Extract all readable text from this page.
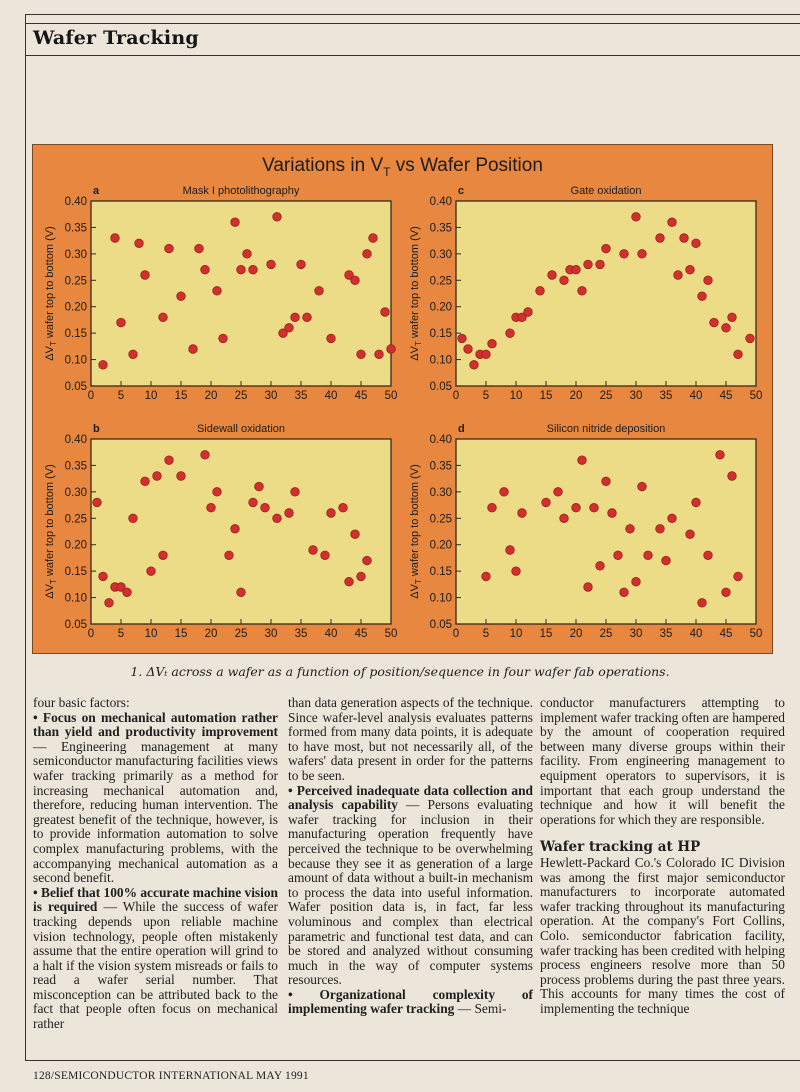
Wafer Tracking
Variations in $V_T$ vs Wafer Position
a	Mask I photolithography
0.05
0.10
0.15
0.20
0.25
0.30
0.35
0.40
0 5 10 15 20 25 30 35 40 45 50
$\Delta V_T$ wafer top to bottom (V)
c	Gate oxidation
0.05
0.10
0.15
0.20
0.25
0.30
0.35
0.40
0 5 10 15 20 25 30 35 40 45 50
$\Delta V_T$ wafer top to bottom (V)
b	Sidewall oxidation
0.05
0.10
0.15
0.20
0.25
0.30
0.35
0.40
0 5 10 15 20 25 30 35 40 45 50
$\Delta V_T$ wafer top to bottom (V)
d	Silicon nitride deposition
0.05
0.10
0.15
0.20
0.25
0.30
0.35
0.40
0 5 10 15 20 25 30 35 40 45 50
$\Delta V_T$ wafer top to bottom (V)
1. ΔVₜ across a wafer as a function of position/sequence in four wafer fab operations.

four basic factors:

• Focus on mechanical automation rather than yield and productivity improvement — Engineering management at many semiconductor manufacturing facilities views wafer tracking primarily as a method for increasing mechanical automation and, therefore, reducing human intervention. The greatest benefit of the technique, however, is to provide information automation to solve complex manufacturing problems, with the accompanying mechanical automation as a second benefit.

• Belief that 100% accurate machine vision is required — While the success of wafer tracking depends upon reliable machine vision technology, people often mistakenly assume that the entire operation will grind to a halt if the vision system misreads or fails to read a wafer serial number. That misconception can be attributed back to the fact that people often focus on mechanical rather

than data generation aspects of the technique. Since wafer-level analysis evaluates patterns formed from many data points, it is adequate to have most, but not necessarily all, of the wafers' data present in order for the patterns to be seen.

• Perceived inadequate data collection and analysis capability — Persons evaluating wafer tracking for inclusion in their manufacturing operation frequently have perceived the technique to be overwhelming because they see it as generation of a large amount of data without a built-in mechanism to process the data into useful information. Wafer position data is, in fact, far less voluminous and complex than electrical parametric and functional test data, and can be stored and analyzed without consuming much in the way of computer systems resources.

• Organizational complexity of implementing wafer tracking — Semi-

conductor manufacturers attempting to implement wafer tracking often are hampered by the amount of cooperation required between many diverse groups within their facility. From engineering management to equipment operators to supervisors, it is important that each group understand the technique and how it will benefit the operations for which they are responsible.

Wafer tracking at HP

Hewlett-Packard Co.'s Colorado IC Division was among the first major semiconductor manufacturers to incorporate automated wafer tracking throughout its manufacturing operation. At the company's Fort Collins, Colo. semiconductor fabrication facility, wafer tracking has been credited with helping process engineers resolve more than 50 process problems during the past three years. This accounts for many times the cost of implementing the technique

128/SEMICONDUCTOR INTERNATIONAL MAY 1991
